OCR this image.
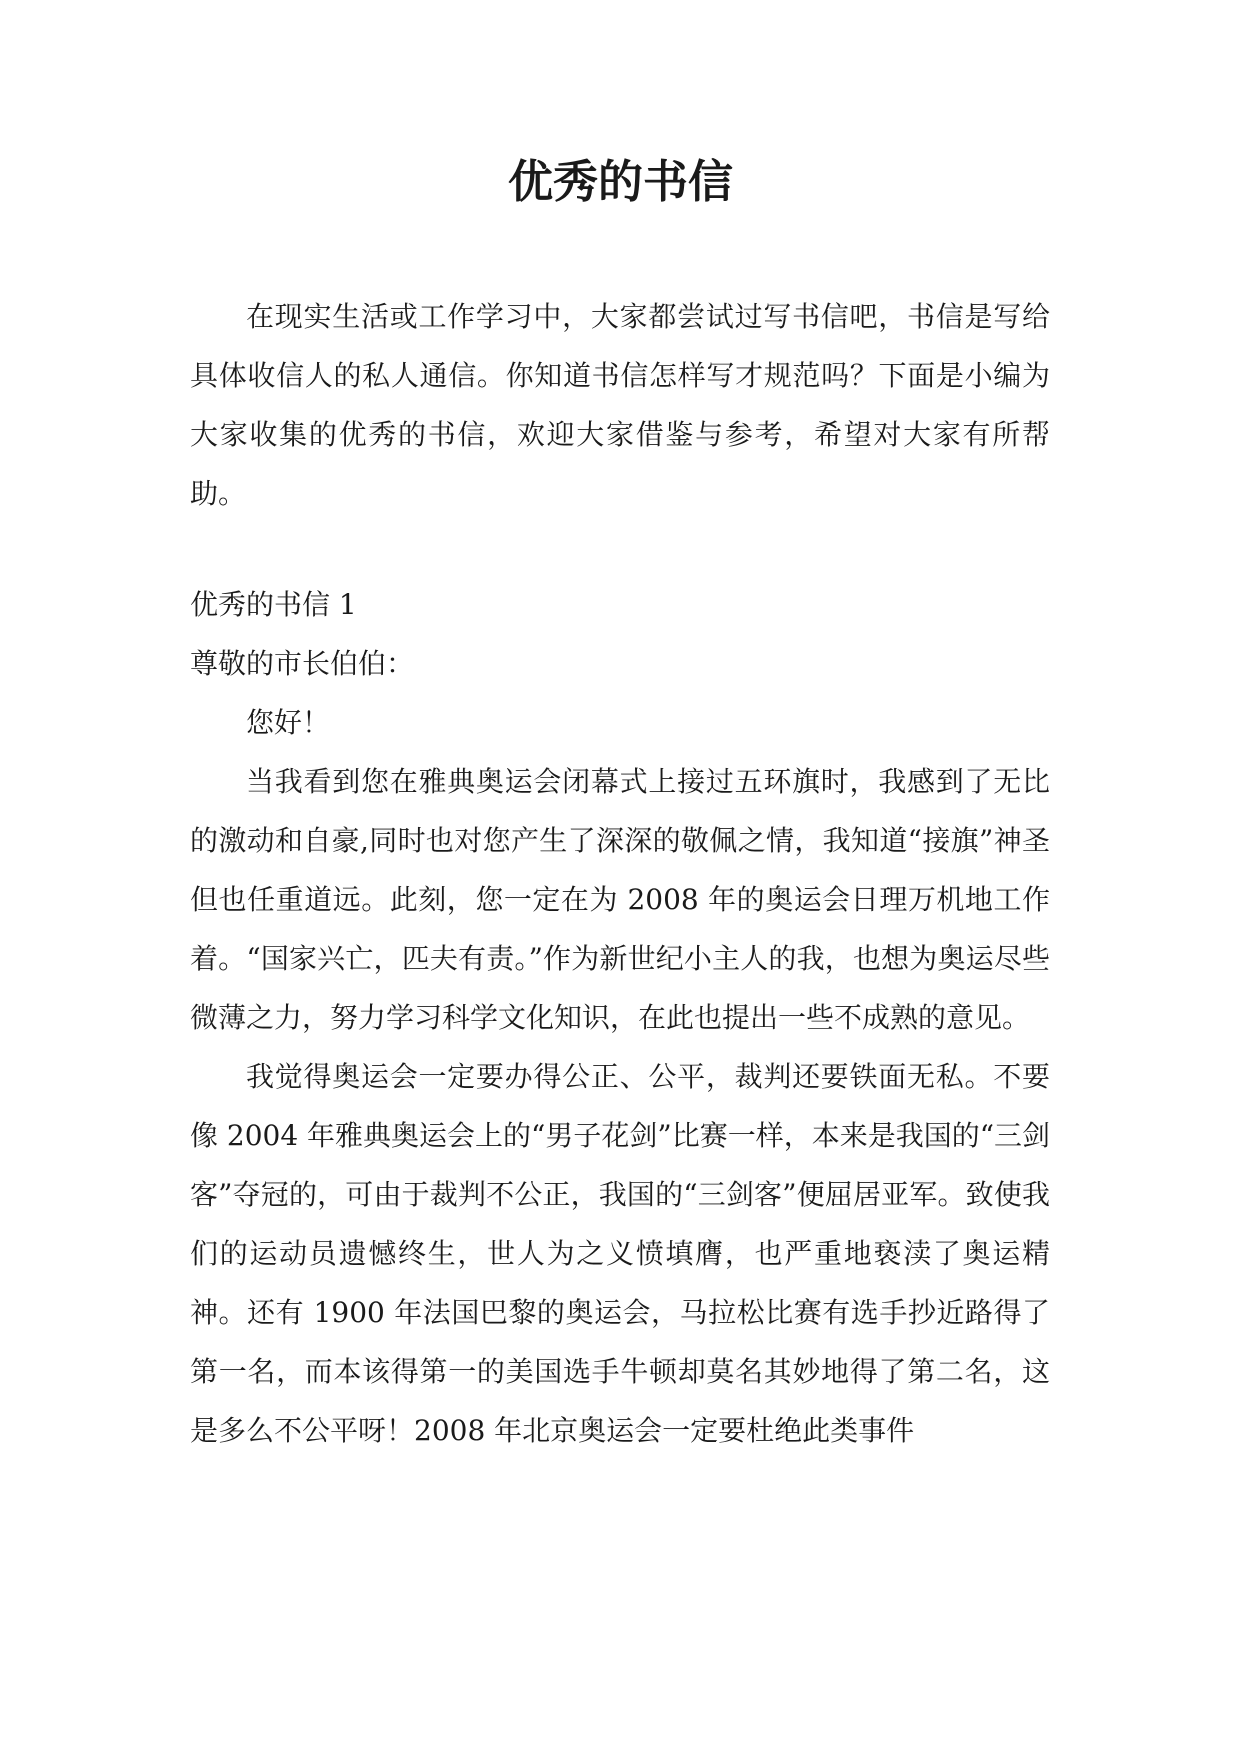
优秀的书信

在现实生活或工作学习中，大家都尝试过写书信吧，书信是写给具体收信人的私人通信。你知道书信怎样写才规范吗？下面是小编为大家收集的优秀的书信，欢迎大家借鉴与参考，希望对大家有所帮助。

优秀的书信 1

尊敬的市长伯伯：

您好！

当我看到您在雅典奥运会闭幕式上接过五环旗时，我感到了无比的激动和自豪,同时也对您产生了深深的敬佩之情，我知道“接旗”神圣但也任重道远。此刻，您一定在为 2008 年的奥运会日理万机地工作着。“国家兴亡，匹夫有责。”作为新世纪小主人的我，也想为奥运尽些微薄之力，努力学习科学文化知识，在此也提出一些不成熟的意见。

我觉得奥运会一定要办得公正、公平，裁判还要铁面无私。不要像 2004 年雅典奥运会上的“男子花剑”比赛一样，本来是我国的“三剑客”夺冠的，可由于裁判不公正，我国的“三剑客”便屈居亚军。致使我们的运动员遗憾终生，世人为之义愤填膺，也严重地亵渎了奥运精神。还有 1900 年法国巴黎的奥运会，马拉松比赛有选手抄近路得了第一名，而本该得第一的美国选手牛顿却莫名其妙地得了第二名，这是多么不公平呀！2008 年北京奥运会一定要杜绝此类事件
